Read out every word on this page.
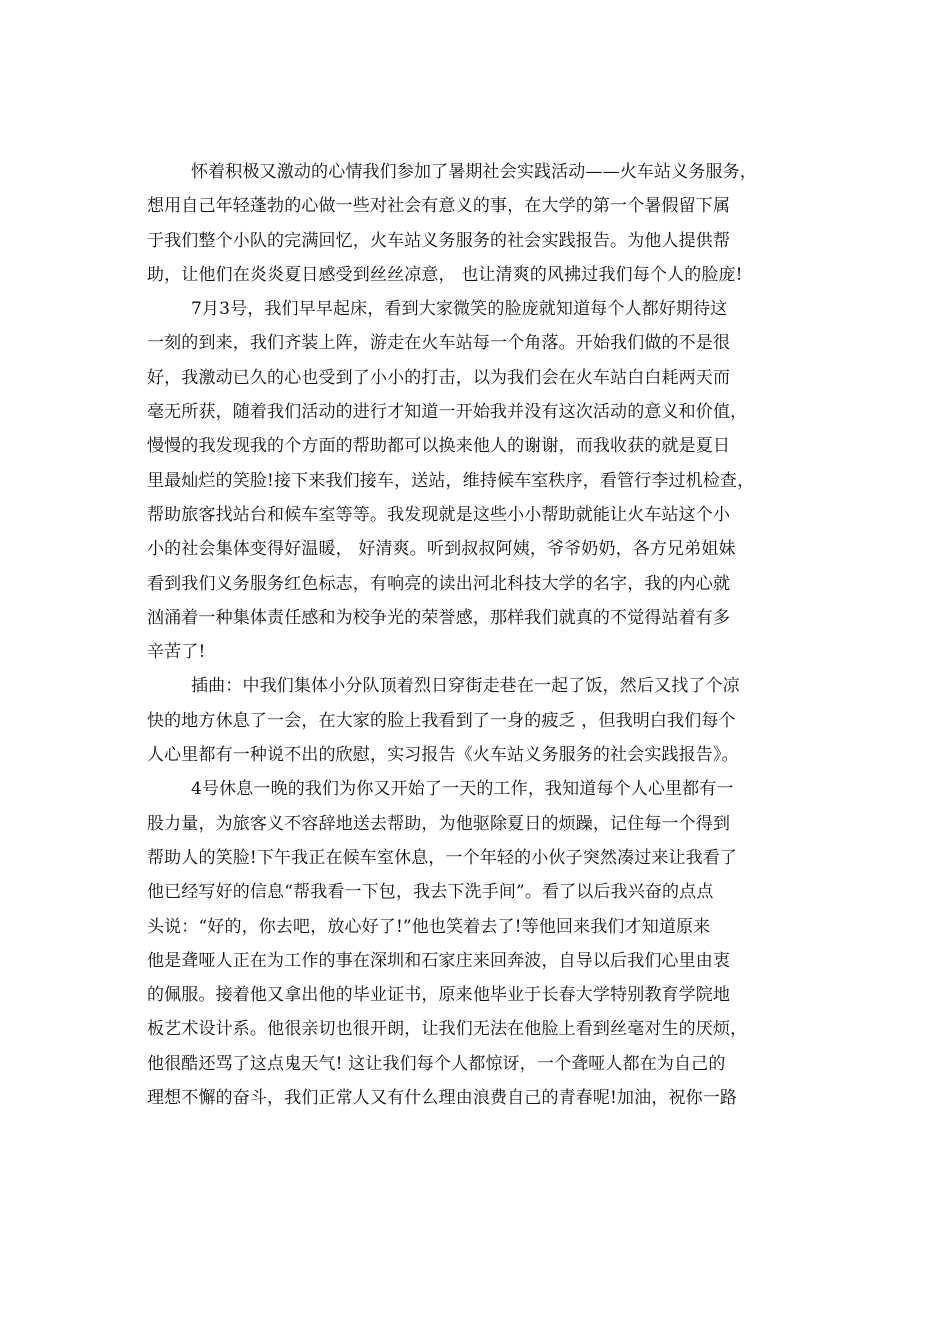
怀着积极又激动的心情我们参加了暑期社会实践活动——火车站义务服务，
想用自己年轻蓬勃的心做一些对社会有意义的事，在大学的第一个暑假留下属
于我们整个小队的完满回忆，火车站义务服务的社会实践报告。为他人提供帮
助，让他们在炎炎夏日感受到丝丝凉意， 也让清爽的风拂过我们每个人的脸庞!
7月3号，我们早早起床，看到大家微笑的脸庞就知道每个人都好期待这
一刻的到来，我们齐装上阵，游走在火车站每一个角落。开始我们做的不是很
好，我激动已久的心也受到了小小的打击，以为我们会在火车站白白耗两天而
毫无所获，随着我们活动的进行才知道一开始我并没有这次活动的意义和价值，
慢慢的我发现我的个方面的帮助都可以换来他人的谢谢，而我收获的就是夏日
里最灿烂的笑脸!接下来我们接车，送站，维持候车室秩序，看管行李过机检查，
帮助旅客找站台和候车室等等。我发现就是这些小小帮助就能让火车站这个小
小的社会集体变得好温暖， 好清爽。听到叔叔阿姨，爷爷奶奶，各方兄弟姐妹
看到我们义务服务红色标志，有响亮的读出河北科技大学的名字，我的内心就
汹涌着一种集体责任感和为校争光的荣誉感，那样我们就真的不觉得站着有多
辛苦了!
插曲：中我们集体小分队顶着烈日穿街走巷在一起了饭，然后又找了个凉
快的地方休息了一会，在大家的脸上我看到了一身的疲乏 ，但我明白我们每个
人心里都有一种说不出的欣慰，实习报告《火车站义务服务的社会实践报告》。
4号休息一晚的我们为你又开始了一天的工作，我知道每个人心里都有一
股力量，为旅客义不容辞地送去帮助，为他驱除夏日的烦躁，记住每一个得到
帮助人的笑脸!下午我正在候车室休息，一个年轻的小伙子突然凑过来让我看了
他已经写好的信息“帮我看一下包，我去下洗手间”。看了以后我兴奋的点点
头说：“好的，你去吧，放心好了!”他也笑着去了!等他回来我们才知道原来
他是聋哑人正在为工作的事在深圳和石家庄来回奔波，自导以后我们心里由衷
的佩服。接着他又拿出他的毕业证书，原来他毕业于长春大学特别教育学院地
板艺术设计系。他很亲切也很开朗，让我们无法在他脸上看到丝毫对生的厌烦，
他很酷还骂了这点鬼天气! 这让我们每个人都惊讶，一个聋哑人都在为自己的
理想不懈的奋斗，我们正常人又有什么理由浪费自己的青春呢!加油，祝你一路
